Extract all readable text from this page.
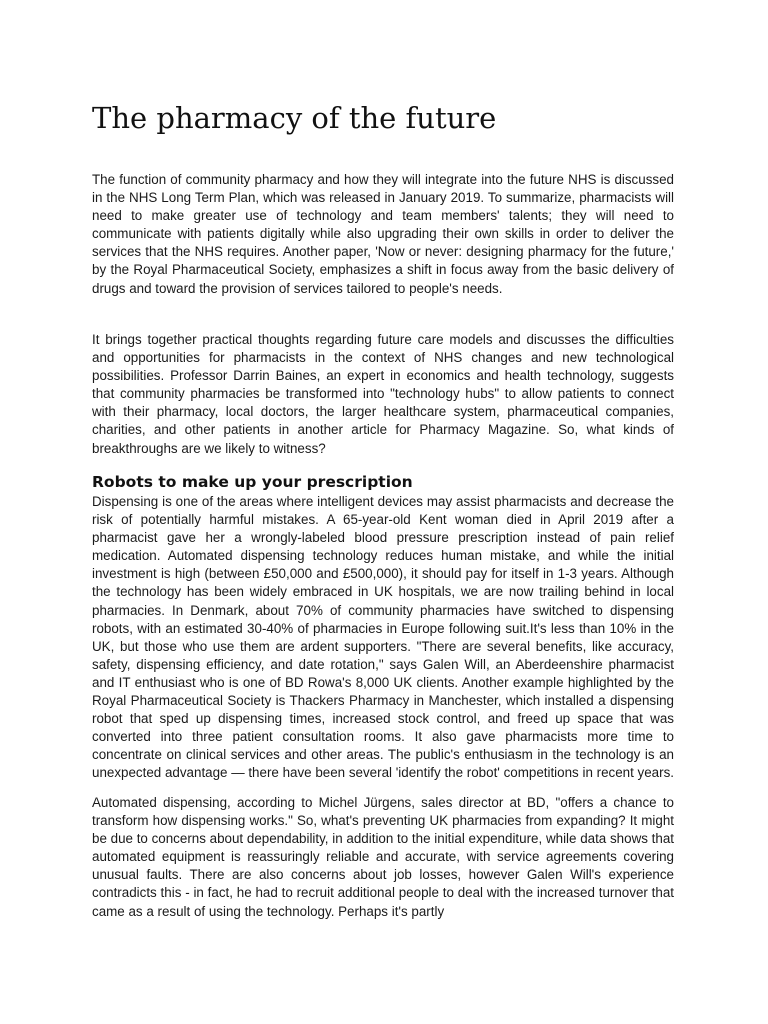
The pharmacy of the future

The function of community pharmacy and how they will integrate into the future NHS is discussed in the NHS Long Term Plan, which was released in January 2019. To summarize, pharmacists will need to make greater use of technology and team members' talents; they will need to communicate with patients digitally while also upgrading their own skills in order to deliver the services that the NHS requires. Another paper, 'Now or never: designing pharmacy for the future,' by the Royal Pharmaceutical Society, emphasizes a shift in focus away from the basic delivery of drugs and toward the provision of services tailored to people's needs.

It brings together practical thoughts regarding future care models and discusses the difficulties and opportunities for pharmacists in the context of NHS changes and new technological possibilities. Professor Darrin Baines, an expert in economics and health technology, suggests that community pharmacies be transformed into "technology hubs" to allow patients to connect with their pharmacy, local doctors, the larger healthcare system, pharmaceutical companies, charities, and other patients in another article for Pharmacy Magazine. So, what kinds of breakthroughs are we likely to witness?

Robots to make up your prescription

Dispensing is one of the areas where intelligent devices may assist pharmacists and decrease the risk of potentially harmful mistakes. A 65-year-old Kent woman died in April 2019 after a pharmacist gave her a wrongly-labeled blood pressure prescription instead of pain relief medication. Automated dispensing technology reduces human mistake, and while the initial investment is high (between £50,000 and £500,000), it should pay for itself in 1-3 years. Although the technology has been widely embraced in UK hospitals, we are now trailing behind in local pharmacies. In Denmark, about 70% of community pharmacies have switched to dispensing robots, with an estimated 30-40% of pharmacies in Europe following suit.It's less than 10% in the UK, but those who use them are ardent supporters. "There are several benefits, like accuracy, safety, dispensing efficiency, and date rotation," says Galen Will, an Aberdeenshire pharmacist and IT enthusiast who is one of BD Rowa's 8,000 UK clients. Another example highlighted by the Royal Pharmaceutical Society is Thackers Pharmacy in Manchester, which installed a dispensing robot that sped up dispensing times, increased stock control, and freed up space that was converted into three patient consultation rooms. It also gave pharmacists more time to concentrate on clinical services and other areas. The public's enthusiasm in the technology is an unexpected advantage — there have been several 'identify the robot' competitions in recent years.

Automated dispensing, according to Michel Jürgens, sales director at BD, "offers a chance to transform how dispensing works." So, what's preventing UK pharmacies from expanding? It might be due to concerns about dependability, in addition to the initial expenditure, while data shows that automated equipment is reassuringly reliable and accurate, with service agreements covering unusual faults. There are also concerns about job losses, however Galen Will's experience contradicts this - in fact, he had to recruit additional people to deal with the increased turnover that came as a result of using the technology. Perhaps it's partly
